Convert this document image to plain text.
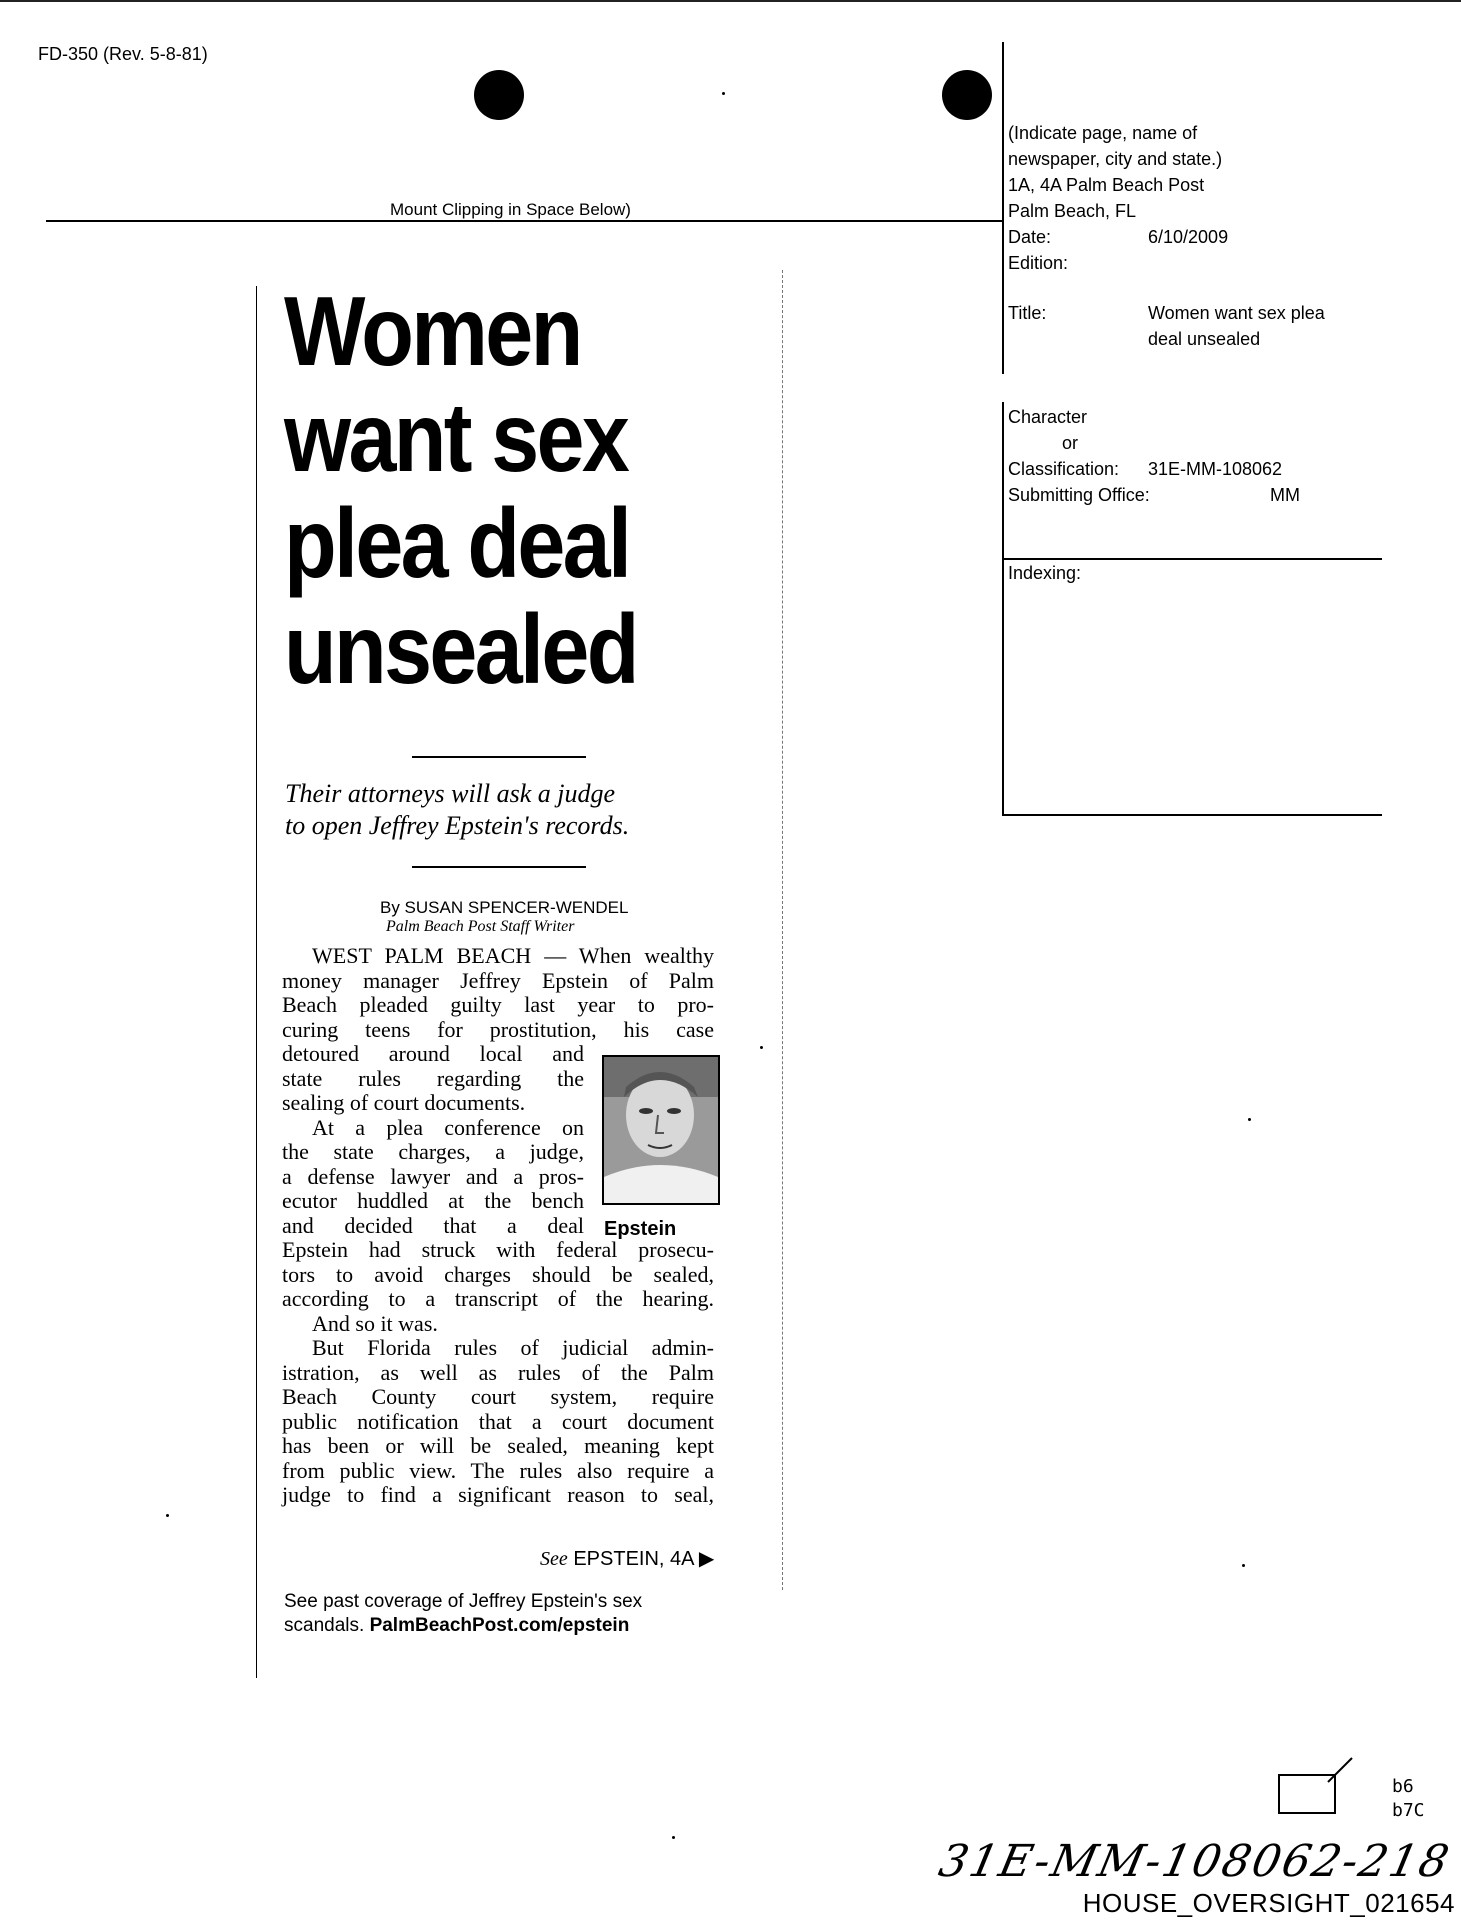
FD-350 (Rev. 5-8-81)
Mount Clipping in Space Below)
(Indicate page, name of
newspaper, city and state.)
1A, 4A Palm Beach Post
Palm Beach, FL
Date:	6/10/2009
Edition:
Title:	Women want sex plea
deal unsealed
Character
or
Classification:	31E-MM-108062
Submitting Office:	MM
Indexing:
Women
want sex
plea deal
unsealed
Their attorneys will ask a judge
to open Jeffrey Epstein's records.
By SUSAN SPENCER-WENDEL
Palm Beach Post Staff Writer
WEST PALM BEACH — When wealthy
money manager Jeffrey Epstein of Palm
Beach pleaded guilty last year to pro-
curing teens for prostitution, his case
detoured around local and
state rules regarding the
sealing of court documents.
At a plea conference on
the state charges, a judge,
a defense lawyer and a pros-
ecutor huddled at the bench
and decided that a deal Epstein
Epstein had struck with federal prosecu-
tors to avoid charges should be sealed,
according to a transcript of the hearing.
And so it was.
But Florida rules of judicial admin-
istration, as well as rules of the Palm
Beach County court system, require
public notification that a court document
has been or will be sealed, meaning kept
from public view. The rules also require a
judge to find a significant reason to seal,
See EPSTEIN, 4A ▶
See past coverage of Jeffrey Epstein's sex
scandals. PalmBeachPost.com/epstein
b6
b7C
31E-MM-108062-218
HOUSE_OVERSIGHT_021654
